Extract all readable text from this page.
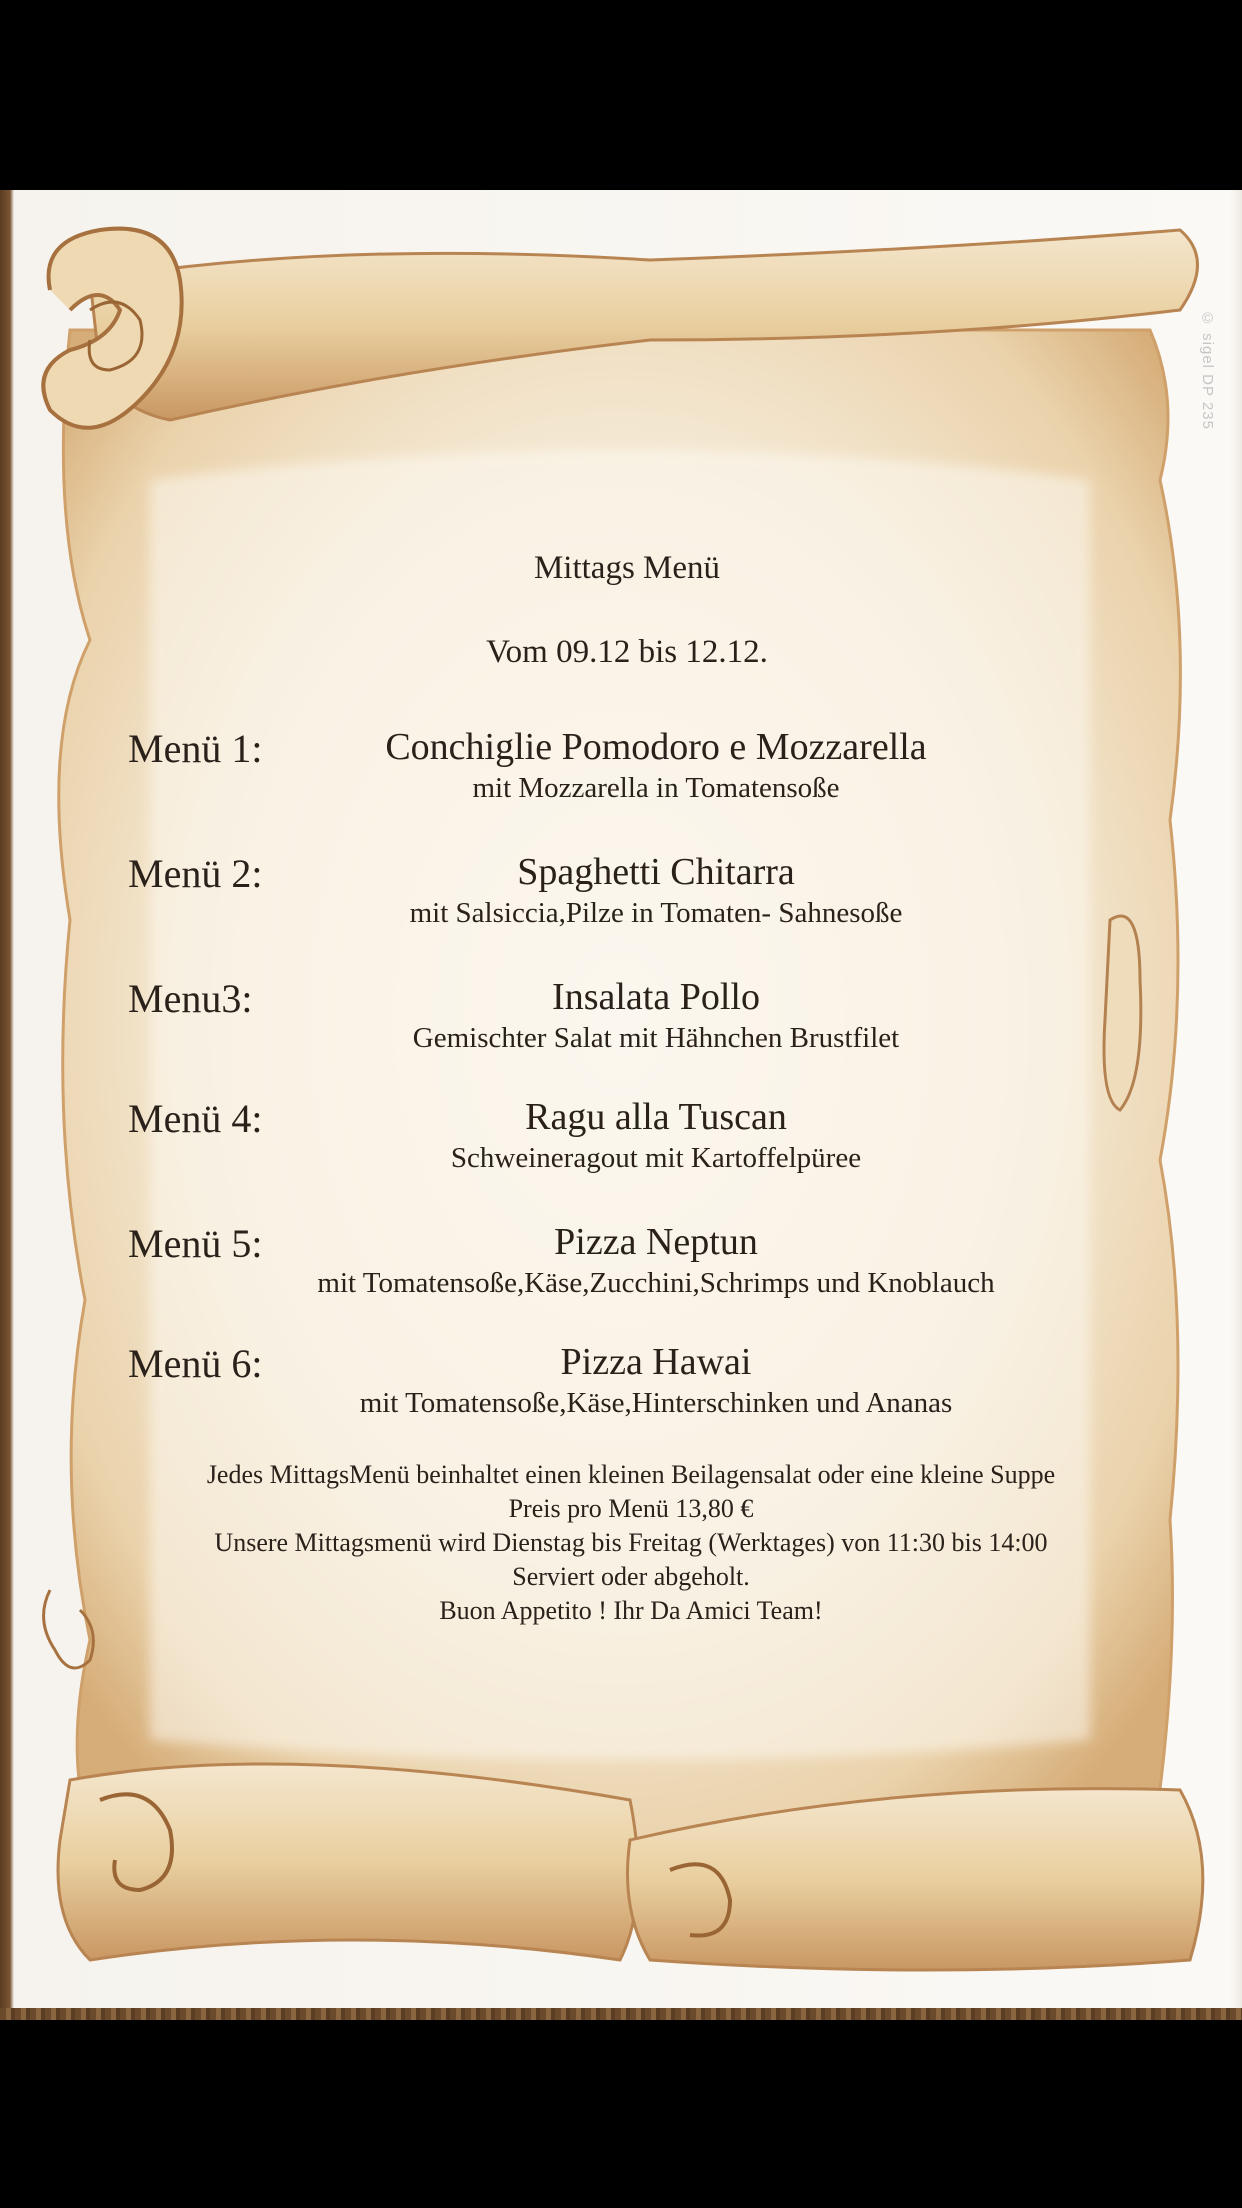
© sigel DP 235
Mittags Menü
Vom 09.12 bis 12.12.
Menü 1:	Conchiglie Pomodoro e Mozzarella
mit Mozzarella in Tomatensoße
Menü 2:	Spaghetti Chitarra
mit Salsiccia,Pilze in Tomaten- Sahnesoße
Menu3:	Insalata Pollo
Gemischter Salat mit Hähnchen Brustfilet
Menü 4:	Ragu alla Tuscan
Schweineragout mit Kartoffelpüree
Menü 5:	Pizza Neptun
mit Tomatensoße,Käse,Zucchini,Schrimps und Knoblauch
Menü 6:	Pizza Hawai
mit Tomatensoße,Käse,Hinterschinken und Ananas
Jedes MittagsMenü beinhaltet einen kleinen Beilagensalat oder eine kleine Suppe
Preis pro Menü 13,80 €
Unsere Mittagsmenü wird Dienstag bis Freitag (Werktages) von 11:30 bis 14:00
Serviert oder abgeholt.
Buon Appetito ! Ihr Da Amici Team!
